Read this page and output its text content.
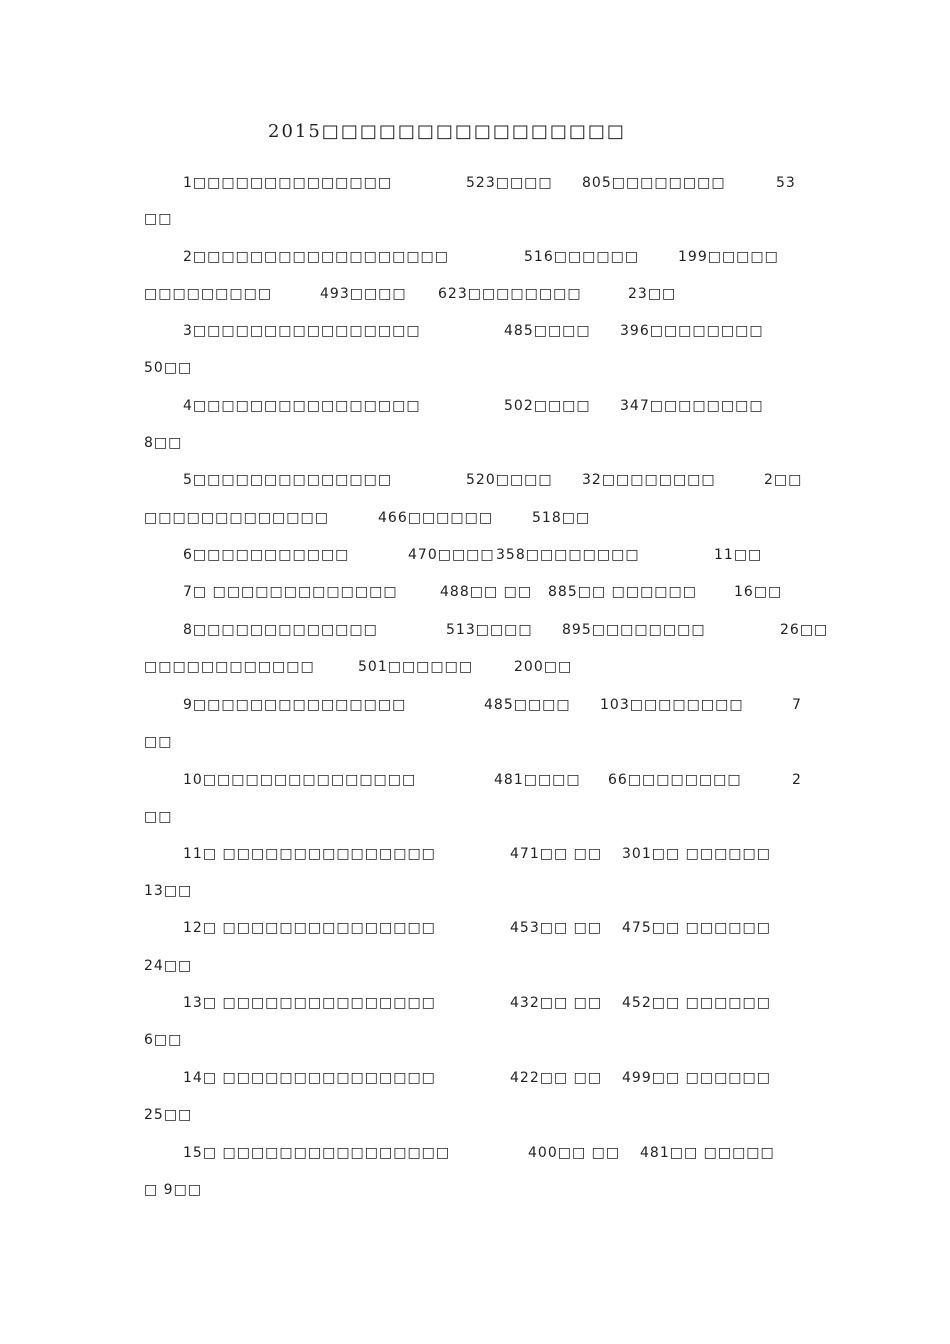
2015□□□□□□□□□□□□□□□□
1□□□□□□□□□□□□□□	523□□□□ 805□□□□□□□□	53
□□
2□□□□□□□□□□□□□□□□□□	516□□□□□□	199□□□□□
□□□□□□□□□	493□□□□ 623□□□□□□□□	23□□
3□□□□□□□□□□□□□□□□	485□□□□ 396□□□□□□□□
50□□
4□□□□□□□□□□□□□□□□	502□□□□ 347□□□□□□□□
8□□
5□□□□□□□□□□□□□□	520□□□□ 32□□□□□□□□	2□□
□□□□□□□□□□□□□	466□□□□□□	518□□
6□□□□□□□□□□□	470□□□□ 358□□□□□□□□	11□□
7□ □□□□□□□□□□□□□	488□□ □□ 885□□ □□□□□□	16□□
8□□□□□□□□□□□□□	513□□□□ 895□□□□□□□□	26□□
□□□□□□□□□□□□	501□□□□□□	200□□
9□□□□□□□□□□□□□□□	485□□□□ 103□□□□□□□□	7
□□
10□□□□□□□□□□□□□□□	481□□□□ 66□□□□□□□□	2
□□
11□ □□□□□□□□□□□□□□□	471□□ □□ 301□□ □□□□□□
13□□
12□ □□□□□□□□□□□□□□□	453□□ □□ 475□□ □□□□□□
24□□
13□ □□□□□□□□□□□□□□□	432□□ □□ 452□□ □□□□□□
6□□
14□ □□□□□□□□□□□□□□□	422□□ □□ 499□□ □□□□□□
25□□
15□ □□□□□□□□□□□□□□□□	400□□ □□ 481□□ □□□□□
□ 9□□
